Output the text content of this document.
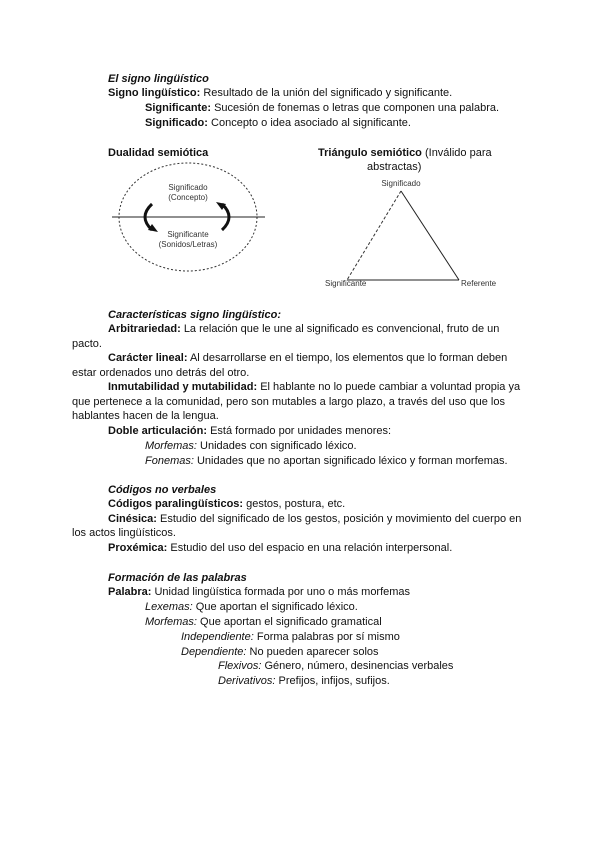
El signo lingüístico
Signo lingüístico: Resultado de la unión del significado y significante.
Significante: Sucesión de fonemas o letras que componen una palabra.
Significado: Concepto o idea asociado al significante.
Dualidad semiótica	Triángulo semiótico (Inválido para
abstractas)
Significado
(Concepto)
Significante
(Sonidos/Letras)
Significado
Significante	Referente
Características signo lingüístico:
Arbitrariedad: La relación que le une al significado es convencional, fruto de un
pacto.
Carácter lineal: Al desarrollarse en el tiempo, los elementos que lo forman deben
estar ordenados uno detrás del otro.
Inmutabilidad y mutabilidad: El hablante no lo puede cambiar a voluntad propia ya
que pertenece a la comunidad, pero son mutables a largo plazo, a través del uso que los
hablantes hacen de la lengua.
Doble articulación: Está formado por unidades menores:
Morfemas: Unidades con significado léxico.
Fonemas: Unidades que no aportan significado léxico y forman morfemas.
Códigos no verbales
Códigos paralingüísticos: gestos, postura, etc.
Cinésica: Estudio del significado de los gestos, posición y movimiento del cuerpo en
los actos lingüísticos.
Proxémica: Estudio del uso del espacio en una relación interpersonal.
Formación de las palabras
Palabra: Unidad lingüística formada por uno o más morfemas
Lexemas: Que aportan el significado léxico.
Morfemas: Que aportan el significado gramatical
Independiente: Forma palabras por sí mismo
Dependiente: No pueden aparecer solos
Flexivos: Género, número, desinencias verbales
Derivativos: Prefijos, infijos, sufijos.
